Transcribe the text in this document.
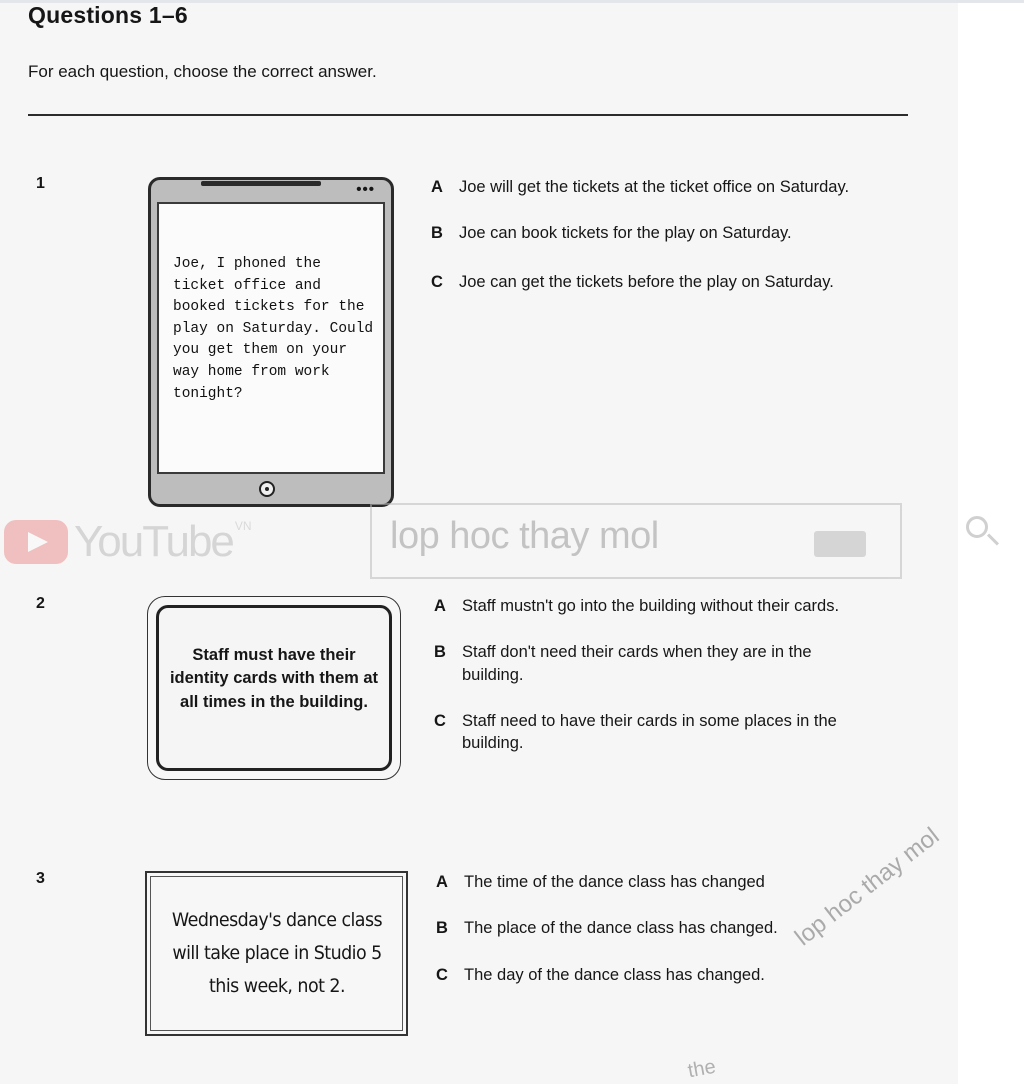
Questions 1–6
For each question, choose the correct answer.
1	•••
Joe, I phoned the ticket office and booked tickets for the play on Saturday. Could you get them on your way home from work tonight?
A Joe will get the tickets at the ticket office on Saturday.
B Joe can book tickets for the play on Saturday.
C Joe can get the tickets before the play on Saturday.
YouTube VN	lop hoc thay mol
2
Staff must have their identity cards with them at all times in the building.
A Staff mustn't go into the building without their cards.
B Staff don't need their cards when they are in the building.
C Staff need to have their cards in some places in the building.
3
Wednesday's dance class will take place in Studio 5 this week, not 2.
A The time of the dance class has changed
B The place of the dance class has changed.
C The day of the dance class has changed.
lop hoc thay mol
the
